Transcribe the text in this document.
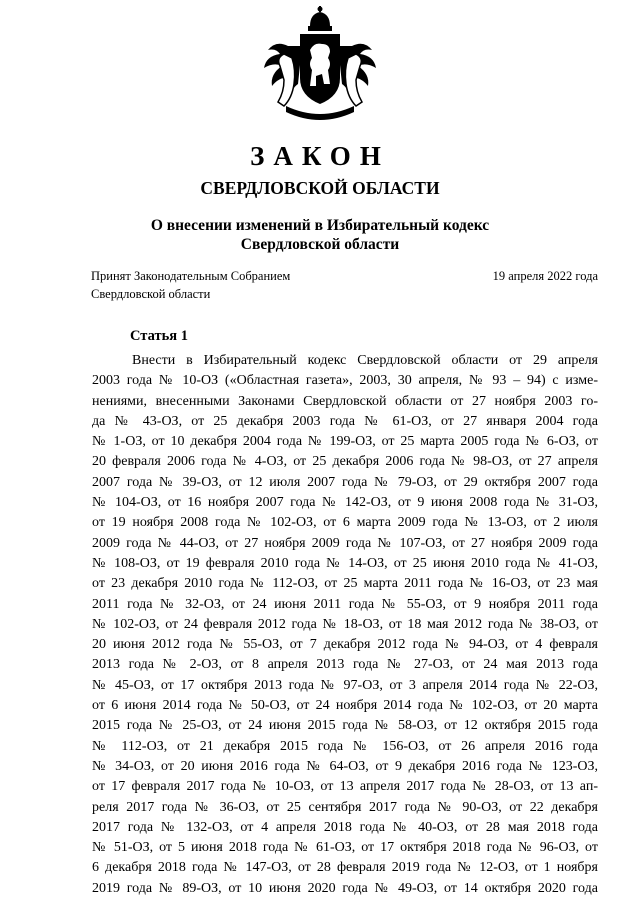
ЗАКОН
СВЕРДЛОВСКОЙ ОБЛАСТИ
О внесении изменений в Избирательный кодекс
Свердловской области
Принят Законодательным Собранием
Свердловской области
19 апреля 2022 года
Статья 1
Внести в Избирательный кодекс Свердловской области от 29 апреля
2003 года № 10-ОЗ («Областная газета», 2003, 30 апреля, № 93 – 94) с изме-
нениями, внесенными Законами Свердловской области от 27 ноября 2003 го-
да № 43-ОЗ, от 25 декабря 2003 года № 61-ОЗ, от 27 января 2004 года
№ 1-ОЗ, от 10 декабря 2004 года № 199-ОЗ, от 25 марта 2005 года № 6-ОЗ, от
20 февраля 2006 года № 4-ОЗ, от 25 декабря 2006 года № 98-ОЗ, от 27 апреля
2007 года № 39-ОЗ, от 12 июля 2007 года № 79-ОЗ, от 29 октября 2007 года
№ 104-ОЗ, от 16 ноября 2007 года № 142-ОЗ, от 9 июня 2008 года № 31-ОЗ,
от 19 ноября 2008 года № 102-ОЗ, от 6 марта 2009 года № 13-ОЗ, от 2 июля
2009 года № 44-ОЗ, от 27 ноября 2009 года № 107-ОЗ, от 27 ноября 2009 года
№ 108-ОЗ, от 19 февраля 2010 года № 14-ОЗ, от 25 июня 2010 года № 41-ОЗ,
от 23 декабря 2010 года № 112-ОЗ, от 25 марта 2011 года № 16-ОЗ, от 23 мая
2011 года № 32-ОЗ, от 24 июня 2011 года № 55-ОЗ, от 9 ноября 2011 года
№ 102-ОЗ, от 24 февраля 2012 года № 18-ОЗ, от 18 мая 2012 года № 38-ОЗ, от
20 июня 2012 года № 55-ОЗ, от 7 декабря 2012 года № 94-ОЗ, от 4 февраля
2013 года № 2-ОЗ, от 8 апреля 2013 года № 27-ОЗ, от 24 мая 2013 года
№ 45-ОЗ, от 17 октября 2013 года № 97-ОЗ, от 3 апреля 2014 года № 22-ОЗ,
от 6 июня 2014 года № 50-ОЗ, от 24 ноября 2014 года № 102-ОЗ, от 20 марта
2015 года № 25-ОЗ, от 24 июня 2015 года № 58-ОЗ, от 12 октября 2015 года
№ 112-ОЗ, от 21 декабря 2015 года № 156-ОЗ, от 26 апреля 2016 года
№ 34-ОЗ, от 20 июня 2016 года № 64-ОЗ, от 9 декабря 2016 года № 123-ОЗ,
от 17 февраля 2017 года № 10-ОЗ, от 13 апреля 2017 года № 28-ОЗ, от 13 ап-
реля 2017 года № 36-ОЗ, от 25 сентября 2017 года № 90-ОЗ, от 22 декабря
2017 года № 132-ОЗ, от 4 апреля 2018 года № 40-ОЗ, от 28 мая 2018 года
№ 51-ОЗ, от 5 июня 2018 года № 61-ОЗ, от 17 октября 2018 года № 96-ОЗ, от
6 декабря 2018 года № 147-ОЗ, от 28 февраля 2019 года № 12-ОЗ, от 1 ноября
2019 года № 89-ОЗ, от 10 июня 2020 года № 49-ОЗ, от 14 октября 2020 года
